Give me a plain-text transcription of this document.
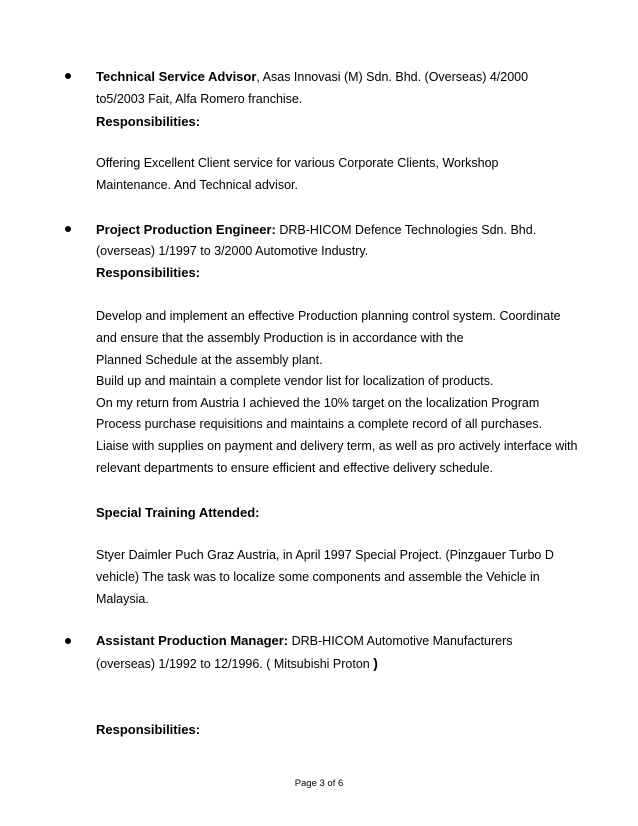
Technical Service Advisor, Asas Innovasi (M) Sdn. Bhd. (Overseas) 4/2000
to5/2003 Fait, Alfa Romero franchise.
Responsibilities:
Offering Excellent Client service for various Corporate Clients, Workshop
Maintenance. And Technical advisor.
Project Production Engineer: DRB-HICOM Defence Technologies Sdn. Bhd.
(overseas) 1/1997 to 3/2000 Automotive Industry.
Responsibilities:
Develop and implement an effective Production planning control system. Coordinate
and ensure that the assembly Production is in accordance with the
Planned Schedule at the assembly plant.
Build up and maintain a complete vendor list for localization of products.
On my return from Austria I achieved the 10% target on the localization Program
Process purchase requisitions and maintains a complete record of all purchases.
Liaise with supplies on payment and delivery term, as well as pro actively interface with
relevant departments to ensure efficient and effective delivery schedule.
Special Training Attended:
Styer Daimler Puch Graz Austria, in April 1997 Special Project. (Pinzgauer Turbo D
vehicle) The task was to localize some components and assemble the Vehicle in
Malaysia.
Assistant Production Manager: DRB-HICOM Automotive Manufacturers
(overseas) 1/1992 to 12/1996. ( Mitsubishi Proton )
Responsibilities:
Page 3 of 6
